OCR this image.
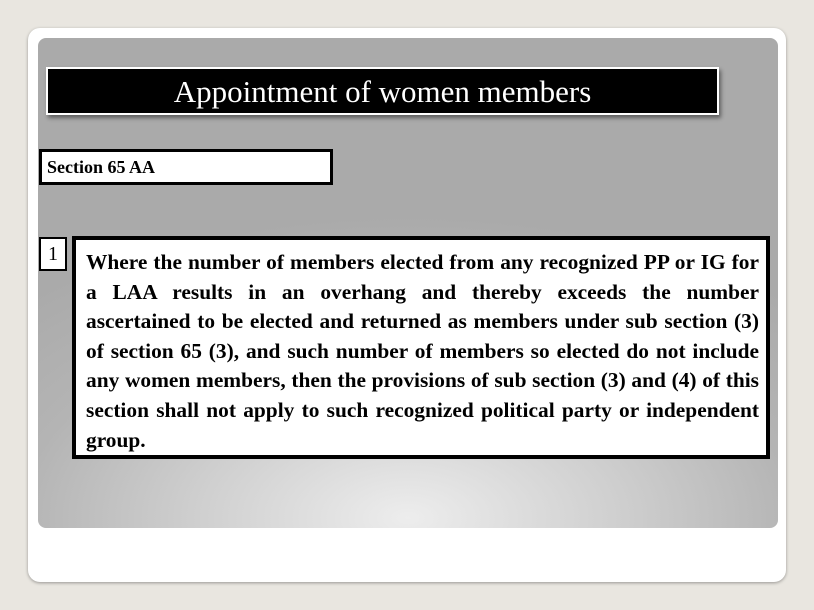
Appointment of women members
Section 65 AA
1 Where the number of members elected from any recognized PP or IG for a LAA results in an overhang and thereby exceeds the number ascertained to be elected and returned as members under sub section (3) of section 65 (3), and such number of members so elected do not include any women members, then the provisions of sub section (3) and (4) of this section shall not apply to such recognized political party or independent group.
